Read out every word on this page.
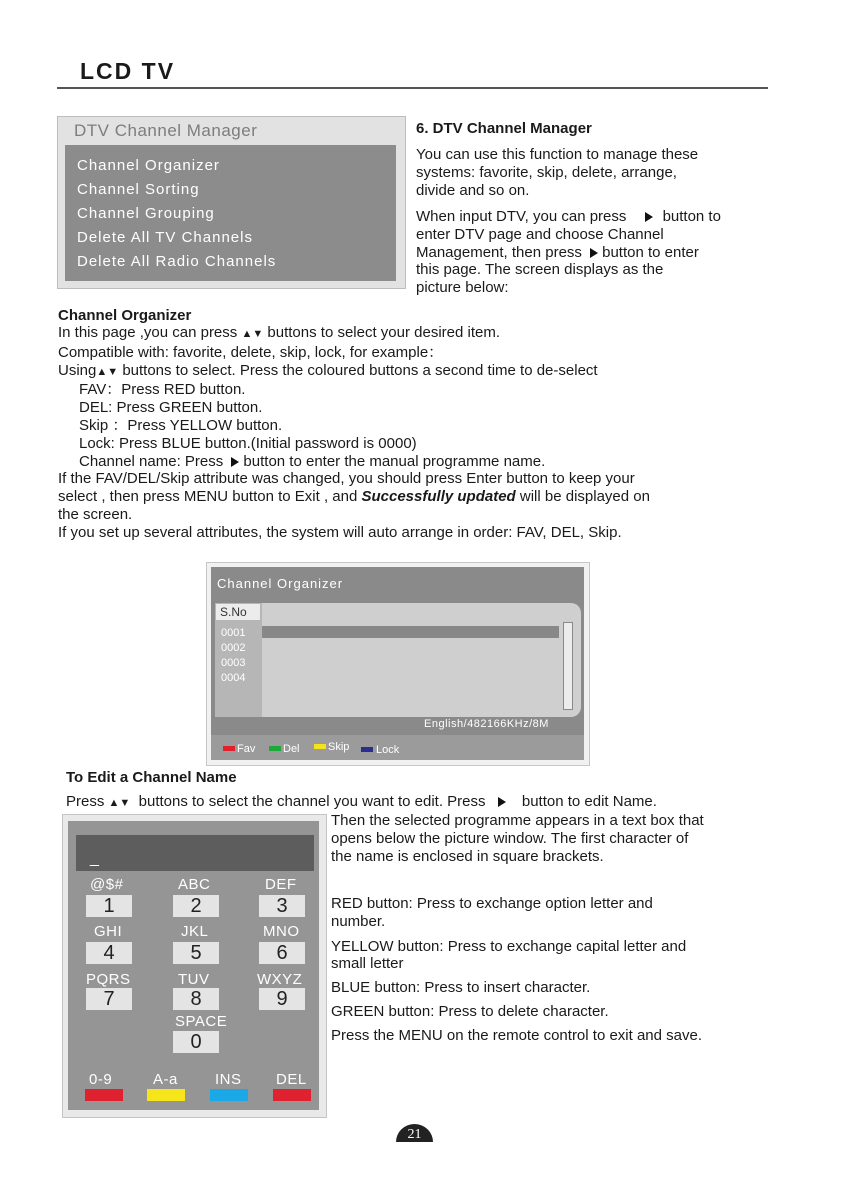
LCD TV
DTV Channel Manager
Channel Organizer
Channel Sorting
Channel Grouping
Delete All TV Channels
Delete All Radio Channels
6. DTV Channel Manager
You can use this function to manage these
systems: favorite, skip, delete, arrange,
divide and so on.
When input DTV, you can press button to
enter DTV page and choose Channel
Management, then press button to enter
this page. The screen displays as the
picture below:
Channel Organizer
In this page ,you can press ▲▼ buttons to select your desired item.
Compatible with: favorite, delete, skip, lock, for example：
Using▲▼ buttons to select. Press the coloured buttons a second time to de-select
FAV：Press RED button.
DEL: Press GREEN button.
Skip ：Press YELLOW button.
Lock: Press BLUE button.(Initial password is 0000)
Channel name: Press button to enter the manual programme name.
If the FAV/DEL/Skip attribute was changed, you should press Enter button to keep your
select , then press MENU button to Exit , and Successfully updated will be displayed on
the screen.
If you set up several attributes, the system will auto arrange in order: FAV, DEL, Skip.
Channel Organizer
S.No
0001
0002
0003
0004
English/482166KHz/8M
Fav	Del	Skip Lock
To Edit a Channel Name
Press ▲▼ buttons to select the channel you want to edit. Press button to edit Name.
Then the selected programme appears in a text box that
opens below the picture window. The first character of
the name is enclosed in square brackets.
RED button: Press to exchange option letter and
number.
YELLOW button: Press to exchange capital letter and
small letter
BLUE button: Press to insert character.
GREEN button: Press to delete character.
Press the MENU on the remote control to exit and save.
_
@$#	ABC	DEF
1	2	3
GHI	JKL	MNO
4	5	6
PQRS	TUV	WXYZ
7	8	9
SPACE
0
0-9	A-a INS DEL
21
